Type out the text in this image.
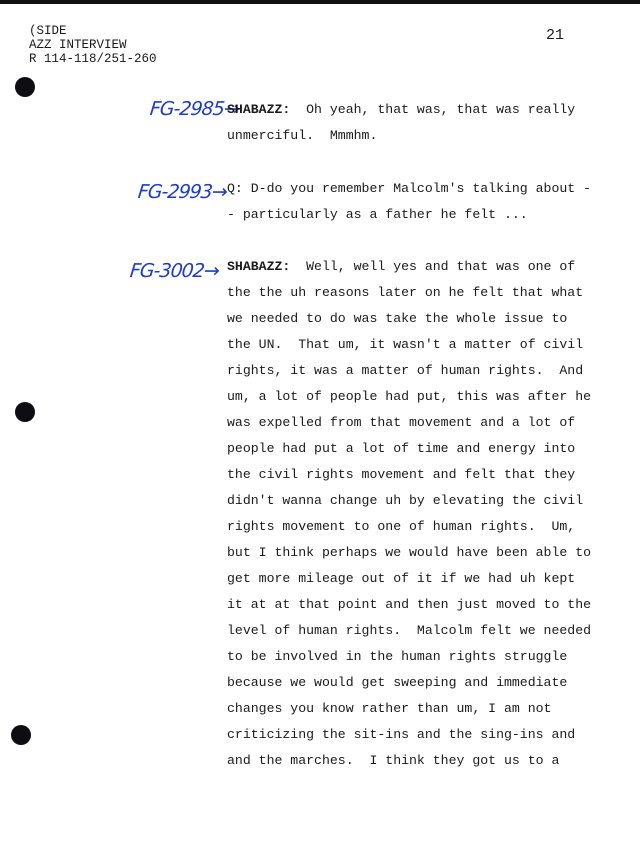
(SIDE
AZZ INTERVIEW
R 114-118/251-260
21
FG-2985→
FG-2993→
FG-3002→
SHABAZZ:  Oh yeah, that was, that was really
unmerciful.  Mmmhm.
Q: D-do you remember Malcolm's talking about -
- particularly as a father he felt ...
SHABAZZ:  Well, well yes and that was one of
the the uh reasons later on he felt that what
we needed to do was take the whole issue to
the UN.  That um, it wasn't a matter of civil
rights, it was a matter of human rights.  And
um, a lot of people had put, this was after he
was expelled from that movement and a lot of
people had put a lot of time and energy into
the civil rights movement and felt that they
didn't wanna change uh by elevating the civil
rights movement to one of human rights.  Um,
but I think perhaps we would have been able to
get more mileage out of it if we had uh kept
it at at that point and then just moved to the
level of human rights.  Malcolm felt we needed
to be involved in the human rights struggle
because we would get sweeping and immediate
changes you know rather than um, I am not
criticizing the sit-ins and the sing-ins and
and the marches.  I think they got us to a
